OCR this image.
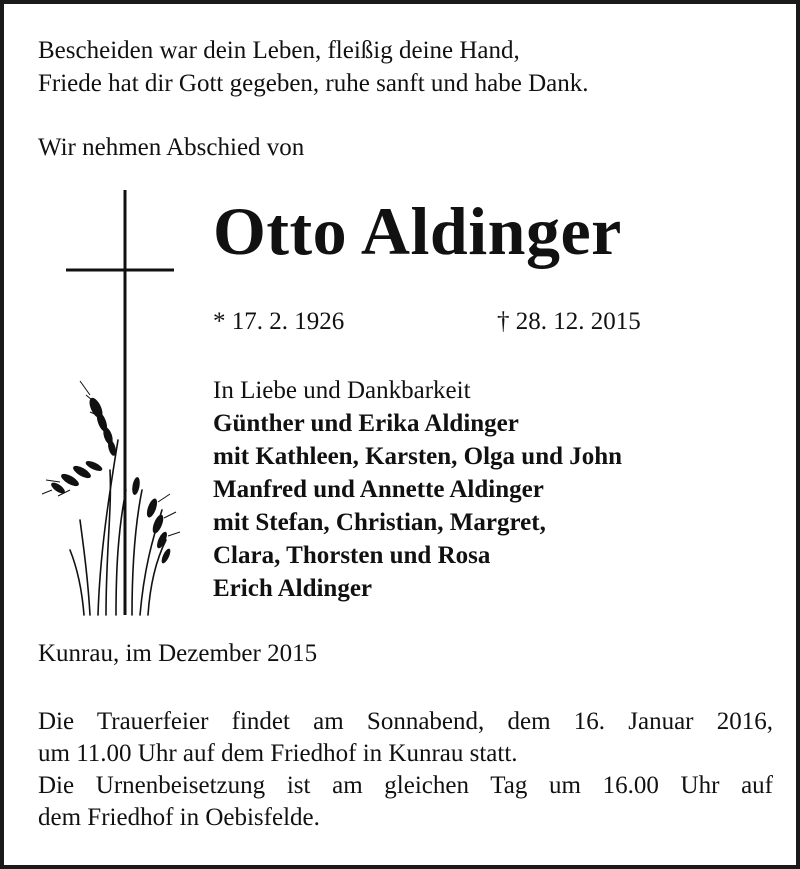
Bescheiden war dein Leben, fleißig deine Hand,
Friede hat dir Gott gegeben, ruhe sanft und habe Dank.
Wir nehmen Abschied von
Otto Aldinger
* 17. 2. 1926	† 28. 12. 2015
In Liebe und Dankbarkeit
Günther und Erika Aldinger
mit Kathleen, Karsten, Olga und John
Manfred und Annette Aldinger
mit Stefan, Christian, Margret,
Clara, Thorsten und Rosa
Erich Aldinger
Kunrau, im Dezember 2015
Die Trauerfeier findet am Sonnabend, dem 16. Januar 2016,
um 11.00 Uhr auf dem Friedhof in Kunrau statt.
Die Urnenbeisetzung ist am gleichen Tag um 16.00 Uhr auf
dem Friedhof in Oebisfelde.
